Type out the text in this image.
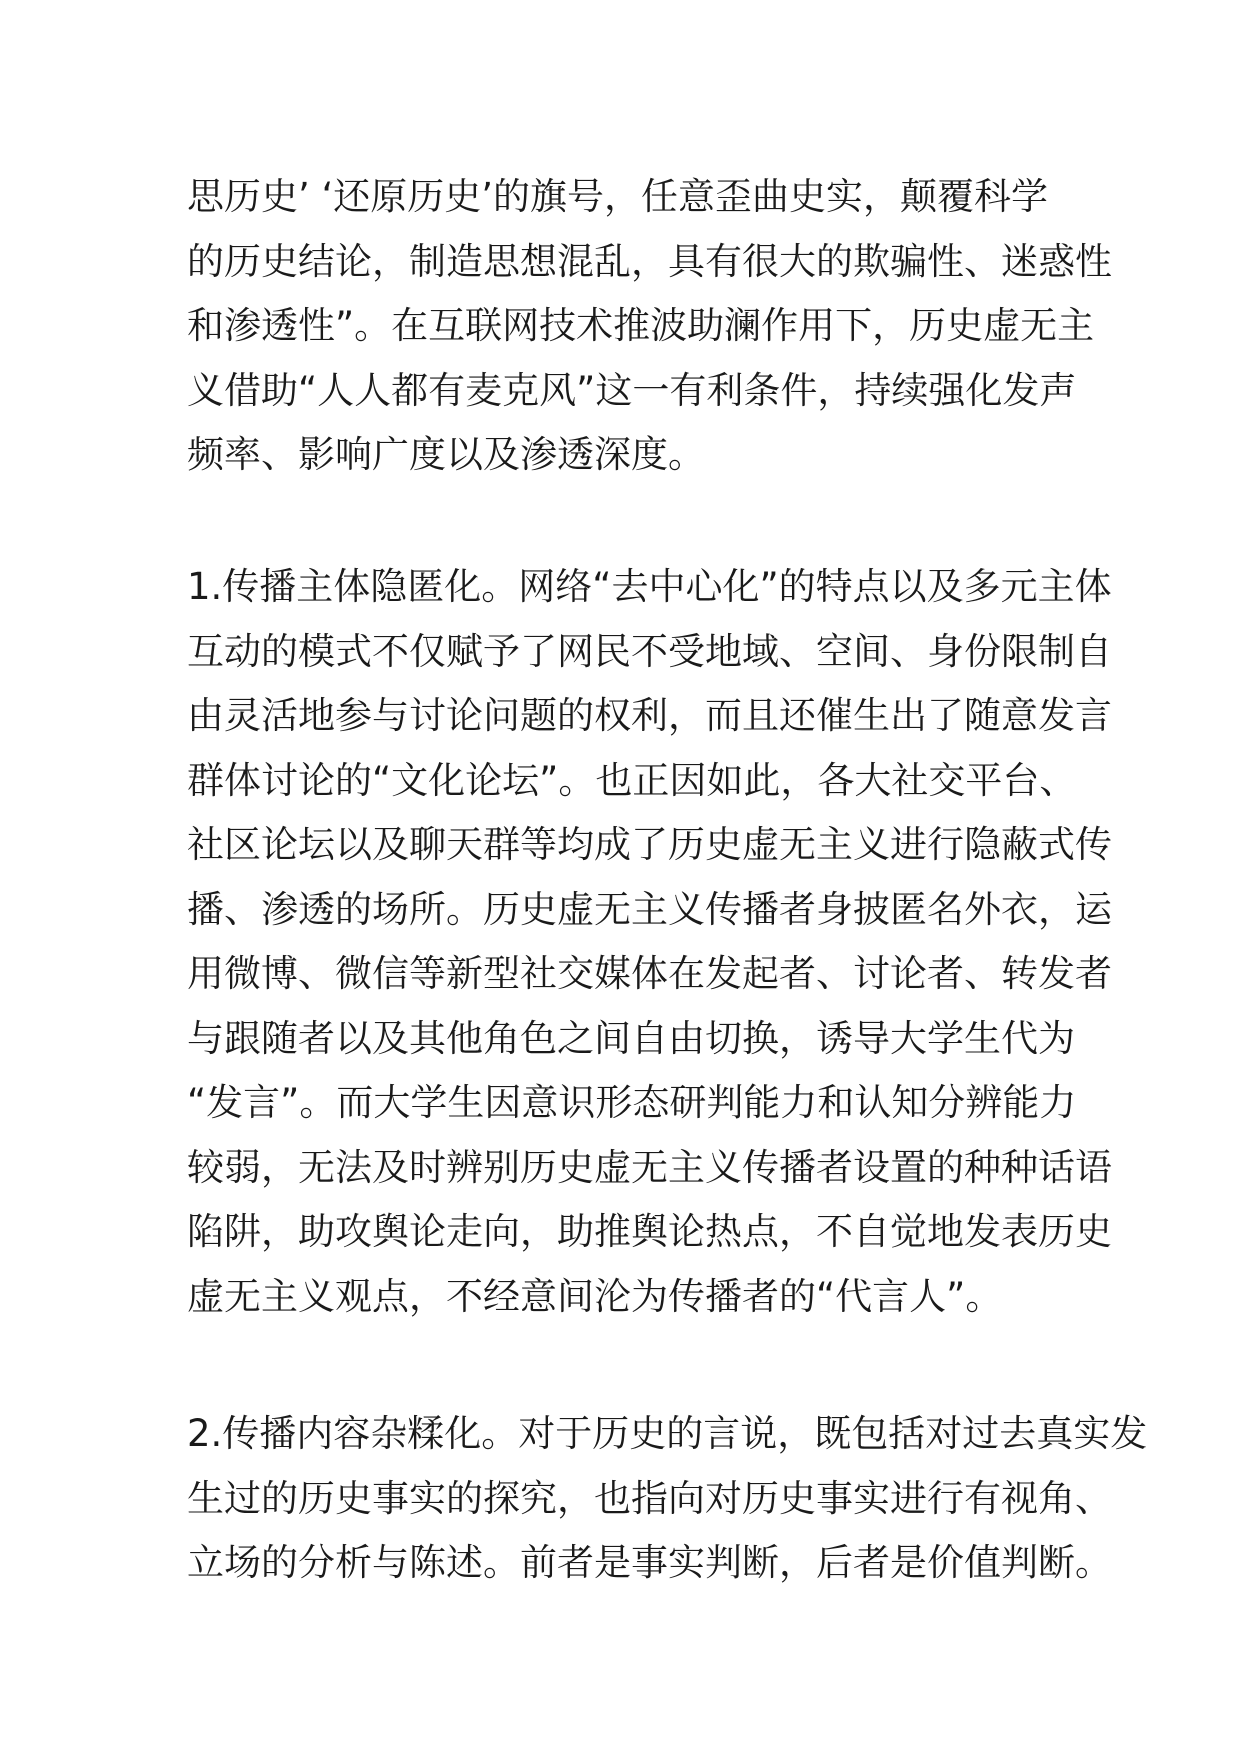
思历史’ ‘还原历史’的旗号，任意歪曲史实，颠覆科学
的历史结论，制造思想混乱，具有很大的欺骗性、迷惑性
和渗透性”。在互联网技术推波助澜作用下，历史虚无主
义借助“人人都有麦克风”这一有利条件，持续强化发声
频率、影响广度以及渗透深度。
1.传播主体隐匿化。网络“去中心化”的特点以及多元主体
互动的模式不仅赋予了网民不受地域、空间、身份限制自
由灵活地参与讨论问题的权利，而且还催生出了随意发言
群体讨论的“文化论坛”。也正因如此，各大社交平台、
社区论坛以及聊天群等均成了历史虚无主义进行隐蔽式传
播、渗透的场所。历史虚无主义传播者身披匿名外衣，运
用微博、微信等新型社交媒体在发起者、讨论者、转发者
与跟随者以及其他角色之间自由切换，诱导大学生代为
“发言”。而大学生因意识形态研判能力和认知分辨能力
较弱，无法及时辨别历史虚无主义传播者设置的种种话语
陷阱，助攻舆论走向，助推舆论热点，不自觉地发表历史
虚无主义观点，不经意间沦为传播者的“代言人”。
2.传播内容杂糅化。对于历史的言说，既包括对过去真实发
生过的历史事实的探究，也指向对历史事实进行有视角、
立场的分析与陈述。前者是事实判断，后者是价值判断。
